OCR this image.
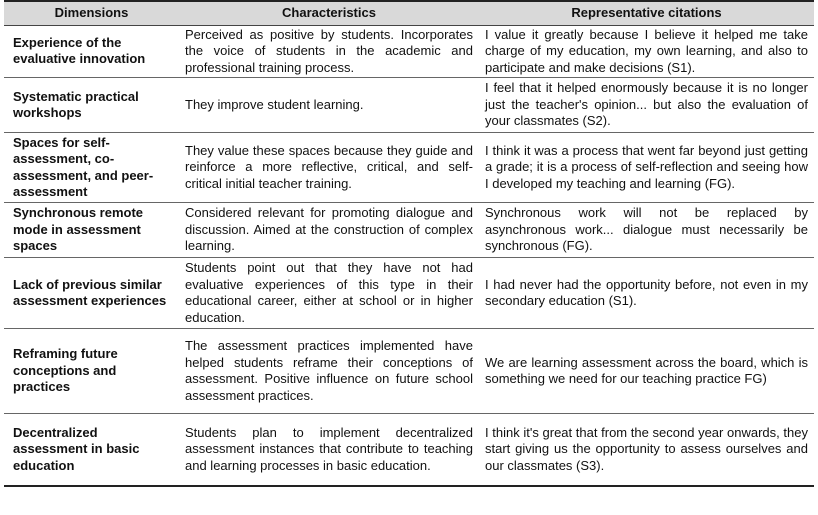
Dimensions	Characteristics	Representative citations
Experience of the evaluative innovation	Perceived as positive by students. Incorporates the voice of students in the academic and professional training process.	I value it greatly because I believe it helped me take charge of my education, my own learning, and also to participate and make decisions (S1).
Systematic practical workshops	They improve student learning.	I feel that it helped enormously because it is no longer just the teacher's opinion... but also the evaluation of your classmates (S2).
Spaces for self-assessment, co-assessment, and peer-assessment	They value these spaces because they guide and reinforce a more reflective, critical, and self-critical initial teacher training.	I think it was a process that went far beyond just getting a grade; it is a process of self-reflection and seeing how I developed my teaching and learning (FG).
Synchronous remote mode in assessment spaces	Considered relevant for promoting dialogue and discussion. Aimed at the construction of complex learning.	Synchronous work will not be replaced by asynchronous work... dialogue must necessarily be synchronous (FG).
Lack of previous similar assessment experiences	Students point out that they have not had evaluative experiences of this type in their educational career, either at school or in higher education.	I had never had the opportunity before, not even in my secondary education (S1).
Reframing future conceptions and practices	The assessment practices implemented have helped students reframe their conceptions of assessment. Positive influence on future school assessment practices.	We are learning assessment across the board, which is something we need for our teaching practice FG)
Decentralized assessment in basic education	Students plan to implement decentralized assessment instances that contribute to teaching and learning processes in basic education.	I think it's great that from the second year onwards, they start giving us the opportunity to assess ourselves and our classmates (S3).
